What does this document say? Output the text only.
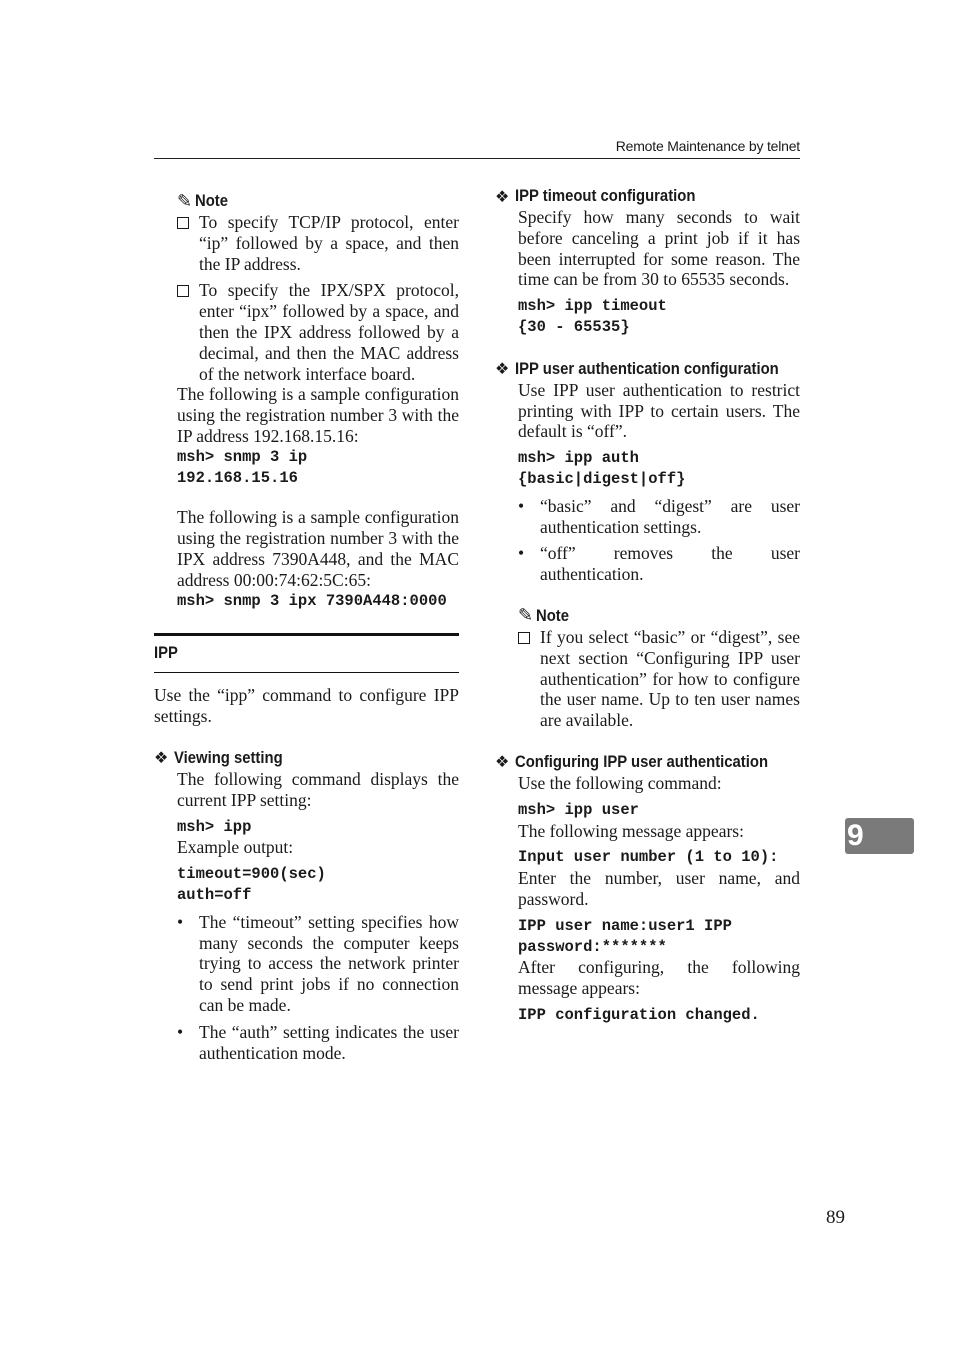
Remote Maintenance by telnet
✎ Note

To specify TCP/IP protocol, enter “ip” followed by a space, and then the IP address.

To specify the IPX/SPX protocol, enter “ipx” followed by a space, and then the IPX address followed by a decimal, and then the MAC address of the network interface board.

The following is a sample configuration using the registration number 3 with the IP address 192.168.15.16:

msh> snmp 3 ip
192.168.15.16

The following is a sample configuration using the registration number 3 with the IPX address 7390A448, and the MAC address 00:00:74:62:5C:65:

msh> snmp 3 ipx 7390A448:0000
IPP

Use the “ipp” command to configure IPP settings.

❖ Viewing setting

The following command displays the current IPP setting:

msh> ipp

Example output:

timeout=900(sec)
auth=off
• The “timeout” setting specifies how many seconds the computer keeps trying to access the network printer to send print jobs if no connection can be made.

• The “auth” setting indicates the user authentication mode.

❖ IPP timeout configuration

Specify how many seconds to wait before canceling a print job if it has been interrupted for some reason. The time can be from 30 to 65535 seconds.

msh> ipp timeout
{30 - 65535}
❖ IPP user authentication configuration

Use IPP user authentication to restrict printing with IPP to certain users. The default is “off”.

msh> ipp auth
{basic|digest|off}
• “basic” and “digest” are user authentication settings.

• “off” removes the user authentication.

✎ Note

If you select “basic” or “digest”, see next section “Configuring IPP user authentication” for how to configure the user name. Up to ten user names are available.

❖ Configuring IPP user authentication

Use the following command:

msh> ipp user

The following message appears:

Input user number (1 to 10):

Enter the number, user name, and password.

IPP user name:user1 IPP
password:*******

After configuring, the following message appears:

IPP configuration changed.
9
89
